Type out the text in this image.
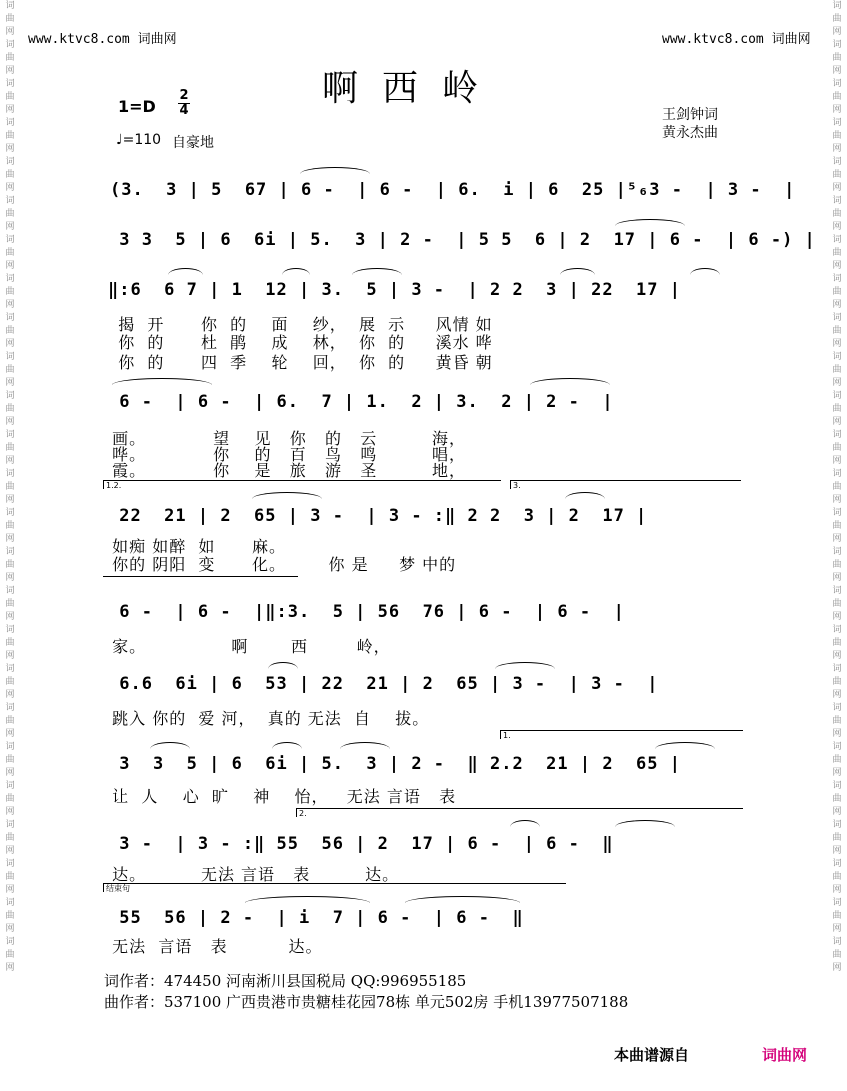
词曲网词曲网词曲网词曲网词曲网词曲网词曲网词曲网词曲网词曲网词曲网词曲网词曲网词曲网词曲网词曲网词曲网词曲网词曲网词曲网词曲网词曲网词曲网词曲网词曲网
词曲网词曲网词曲网词曲网词曲网词曲网词曲网词曲网词曲网词曲网词曲网词曲网词曲网词曲网词曲网词曲网词曲网词曲网词曲网词曲网词曲网词曲网词曲网词曲网词曲网
www.ktvc8.com 词曲网	www.ktvc8.com 词曲网
啊西岭
1=D
2
4
♩=110 自豪地
王剑钟词
黄永杰曲
(3.  3 | 5  67 | 6 -  | 6 -  | 6.  i | 6  25 |⁵₆3 -  | 3 -  |
3 3  5 | 6  6i | 5.  3 | 2 -  | 5 5  6 | 2  17 | 6 -  | 6 -) |
‖:6  6 7 | 1  12 | 3.  5 | 3 -  | 2 2  3 | 22  17 |
揭  开      你  的    面    纱，  展  示     风情 如
你  的      杜  鹃    成    林，  你  的     溪水 哗
你  的      四  季    轮    回，  你  的     黄昏 朝
6 -  | 6 -  | 6.  7 | 1.  2 | 3.  2 | 2 -  |
画。           望    见   你   的   云         海，
哗。           你    的   百   鸟   鸣         唱，
霞。           你    是   旅   游   圣         地，
1.2.	3.
22  21 | 2  65 | 3 -  | 3 - :‖ 2 2  3 | 2  17 |
如痴 如醉  如      麻。
你的 阴阳  变      化。       你 是     梦 中的
6 -  | 6 -  |‖:3.  5 | 56  76 | 6 -  | 6 -  |
家。              啊       西        岭，
6.6  6i | 6  53 | 22  21 | 2  65 | 3 -  | 3 -  |
跳入 你的  爱 河，  真的 无法  自    拔。
1.
3  3  5 | 6  6i | 5.  3 | 2 -  ‖ 2.2  21 | 2  65 |
让  人    心  旷    神    怡，   无法 言语   表
2.
3 -  | 3 - :‖ 55  56 | 2  17 | 6 -  | 6 -  ‖
达。         无法 言语   表         达。
结束句
55  56 | 2 -  | i  7 | 6 -  | 6 -  ‖
无法  言语   表          达。
词作者：474450 河南淅川县国税局 QQ:996955185
曲作者：537100 广西贵港市贵糖桂花园78栋 单元502房 手机13977507188
本曲谱源自	词曲网
